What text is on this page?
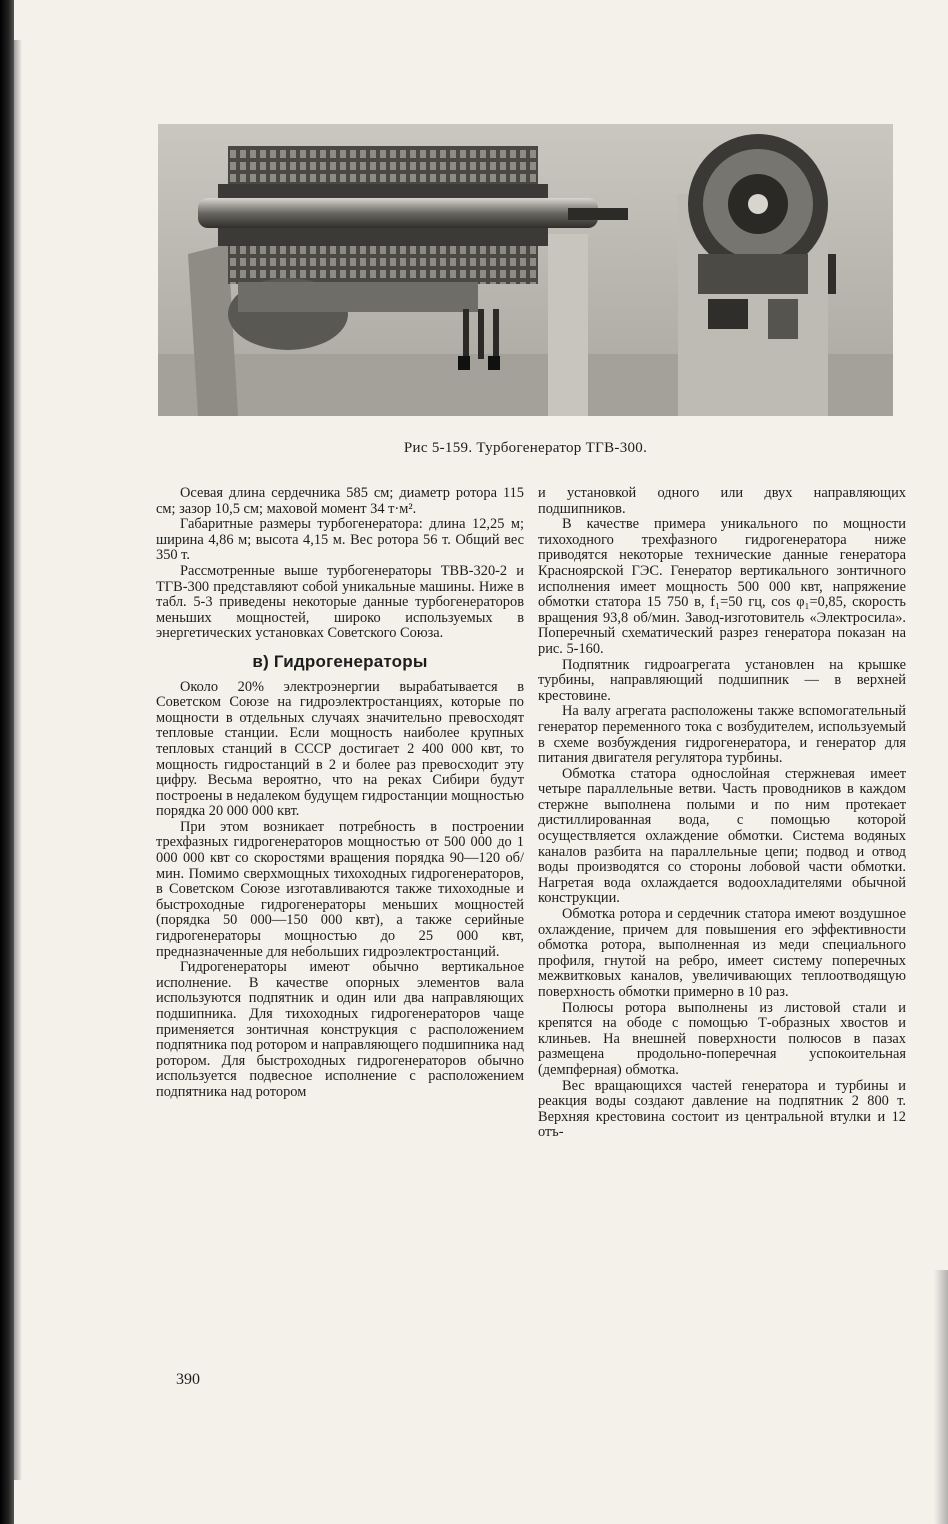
Рис 5-159. Турбогенератор ТГВ-300.

Осевая длина сердечника 585 см; диаметр ротора 115 см; зазор 10,5 см; маховой момент 34 т·м².

Габаритные размеры турбогенератора: длина 12,25 м; ширина 4,86 м; высота 4,15 м. Вес ротора 56 т. Общий вес 350 т.

Рассмотренные выше турбогенераторы ТВВ-320-2 и ТГВ-300 представляют собой уникальные машины. Ниже в табл. 5-3 приведены некоторые данные турбогенераторов меньших мощностей, широко используемых в энергетических установках Советского Союза.

в) Гидрогенераторы

Около 20% электроэнергии вырабатывается в Советском Союзе на гидроэлектростанциях, которые по мощности в отдельных случаях значительно превосходят тепловые станции. Если мощность наиболее крупных тепловых станций в СССР достигает 2 400 000 квт, то мощность гидростанций в 2 и более раз превосходит эту цифру. Весьма вероятно, что на реках Сибири будут построены в недалеком будущем гидростанции мощностью порядка 20 000 000 квт.

При этом возникает потребность в построении трехфазных гидрогенераторов мощностью от 500 000 до 1 000 000 квт со скоростями вращения порядка 90—120 об/мин. Помимо сверхмощных тихоходных гидрогенераторов, в Советском Союзе изготавливаются также тихоходные и быстроходные гидрогенераторы меньших мощностей (порядка 50 000—150 000 квт), а также серийные гидрогенераторы мощностью до 25 000 квт, предназначенные для небольших гидроэлектростанций.

Гидрогенераторы имеют обычно вертикальное исполнение. В качестве опорных элементов вала используются подпятник и один или два направляющих подшипника. Для тихоходных гидрогенераторов чаще применяется зонтичная конструкция с расположением подпятника под ротором и направляющего подшипника над ротором. Для быстроходных гидрогенераторов обычно используется подвесное исполнение с расположением подпятника над ротором

и установкой одного или двух направляющих подшипников.

В качестве примера уникального по мощности тихоходного трехфазного гидрогенератора ниже приводятся некоторые технические данные генератора Красноярской ГЭС. Генератор вертикального зонтичного исполнения имеет мощность 500 000 квт, напряжение обмотки статора 15 750 в, f₁=50 гц, cos φ₁=0,85, скорость вращения 93,8 об/мин. Завод-изготовитель «Электросила». Поперечный схематический разрез генератора показан на рис. 5-160.

Подпятник гидроагрегата установлен на крышке турбины, направляющий подшипник — в верхней крестовине.

На валу агрегата расположены также вспомогательный генератор переменного тока с возбудителем, используемый в схеме возбуждения гидрогенератора, и генератор для питания двигателя регулятора турбины.

Обмотка статора однослойная стержневая имеет четыре параллельные ветви. Часть проводников в каждом стержне выполнена полыми и по ним протекает дистиллированная вода, с помощью которой осуществляется охлаждение обмотки. Система водяных каналов разбита на параллельные цепи; подвод и отвод воды производятся со стороны лобовой части обмотки. Нагретая вода охлаждается водоохладителями обычной конструкции.

Обмотка ротора и сердечник статора имеют воздушное охлаждение, причем для повышения его эффективности обмотка ротора, выполненная из меди специального профиля, гнутой на ребро, имеет систему поперечных межвитковых каналов, увеличивающих теплоотводящую поверхность обмотки примерно в 10 раз.

Полюсы ротора выполнены из листовой стали и крепятся на ободе с помощью Т-образных хвостов и клиньев. На внешней поверхности полюсов в пазах размещена продольно-поперечная успокоительная (демпферная) обмотка.

Вес вращающихся частей генератора и турбины и реакция воды создают давление на подпятник 2 800 т. Верхняя крестовина состоит из центральной втулки и 12 отъ-

390
